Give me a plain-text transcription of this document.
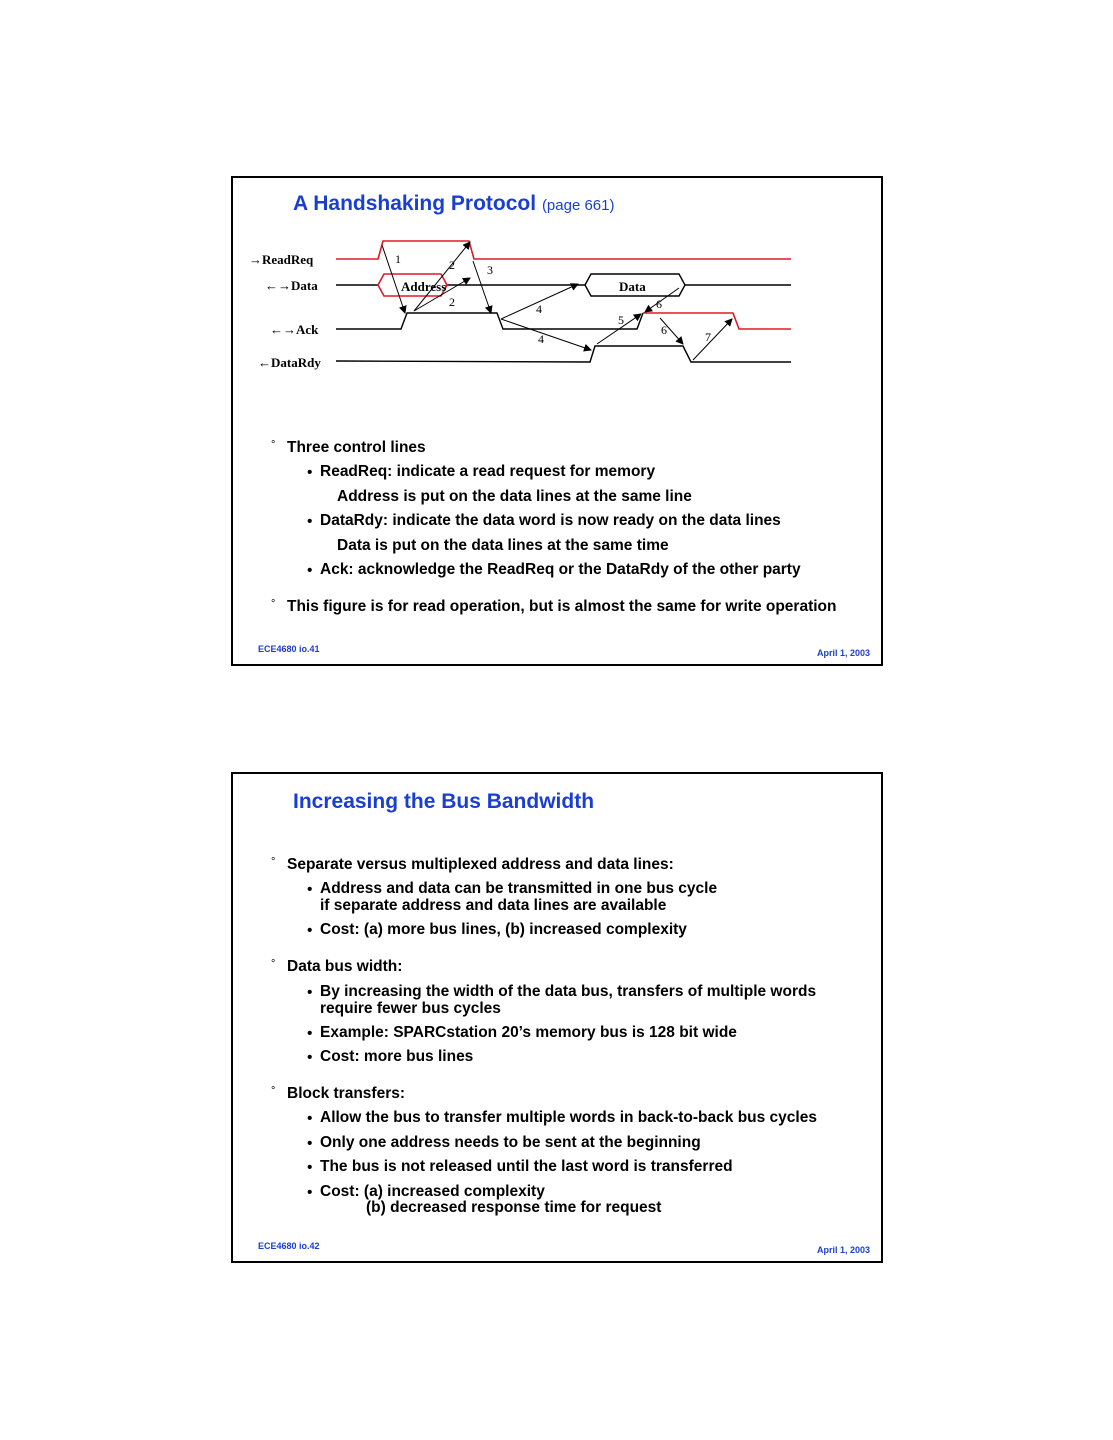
A Handshaking Protocol (page 661)
→ReadReq
←→Data
←→Ack
←DataRdy
Address	Data
1	2
2
3
4
4
5
6
6	7
° Three control lines
• ReadReq: indicate a read request for memory
Address is put on the data lines at the same line
• DataRdy: indicate the data word is now ready on the data lines
Data is put on the data lines at the same time
• Ack: acknowledge the ReadReq or the DataRdy of the other party
° This figure is for read operation, but is almost the same for write operation
ECE4680 io.41	April 1, 2003
Increasing the Bus Bandwidth
° Separate versus multiplexed address and data lines:
• Address and data can be transmitted in one bus cycle
if separate address and data lines are available
• Cost: (a) more bus lines, (b) increased complexity
° Data bus width:
• By increasing the width of the data bus, transfers of multiple words
require fewer bus cycles
• Example: SPARCstation 20’s memory bus is 128 bit wide
• Cost: more bus lines
° Block transfers:
• Allow the bus to transfer multiple words in back-to-back bus cycles
• Only one address needs to be sent at the beginning
• The bus is not released until the last word is transferred
• Cost: (a) increased complexity
(b) decreased response time for request
ECE4680 io.42	April 1, 2003
